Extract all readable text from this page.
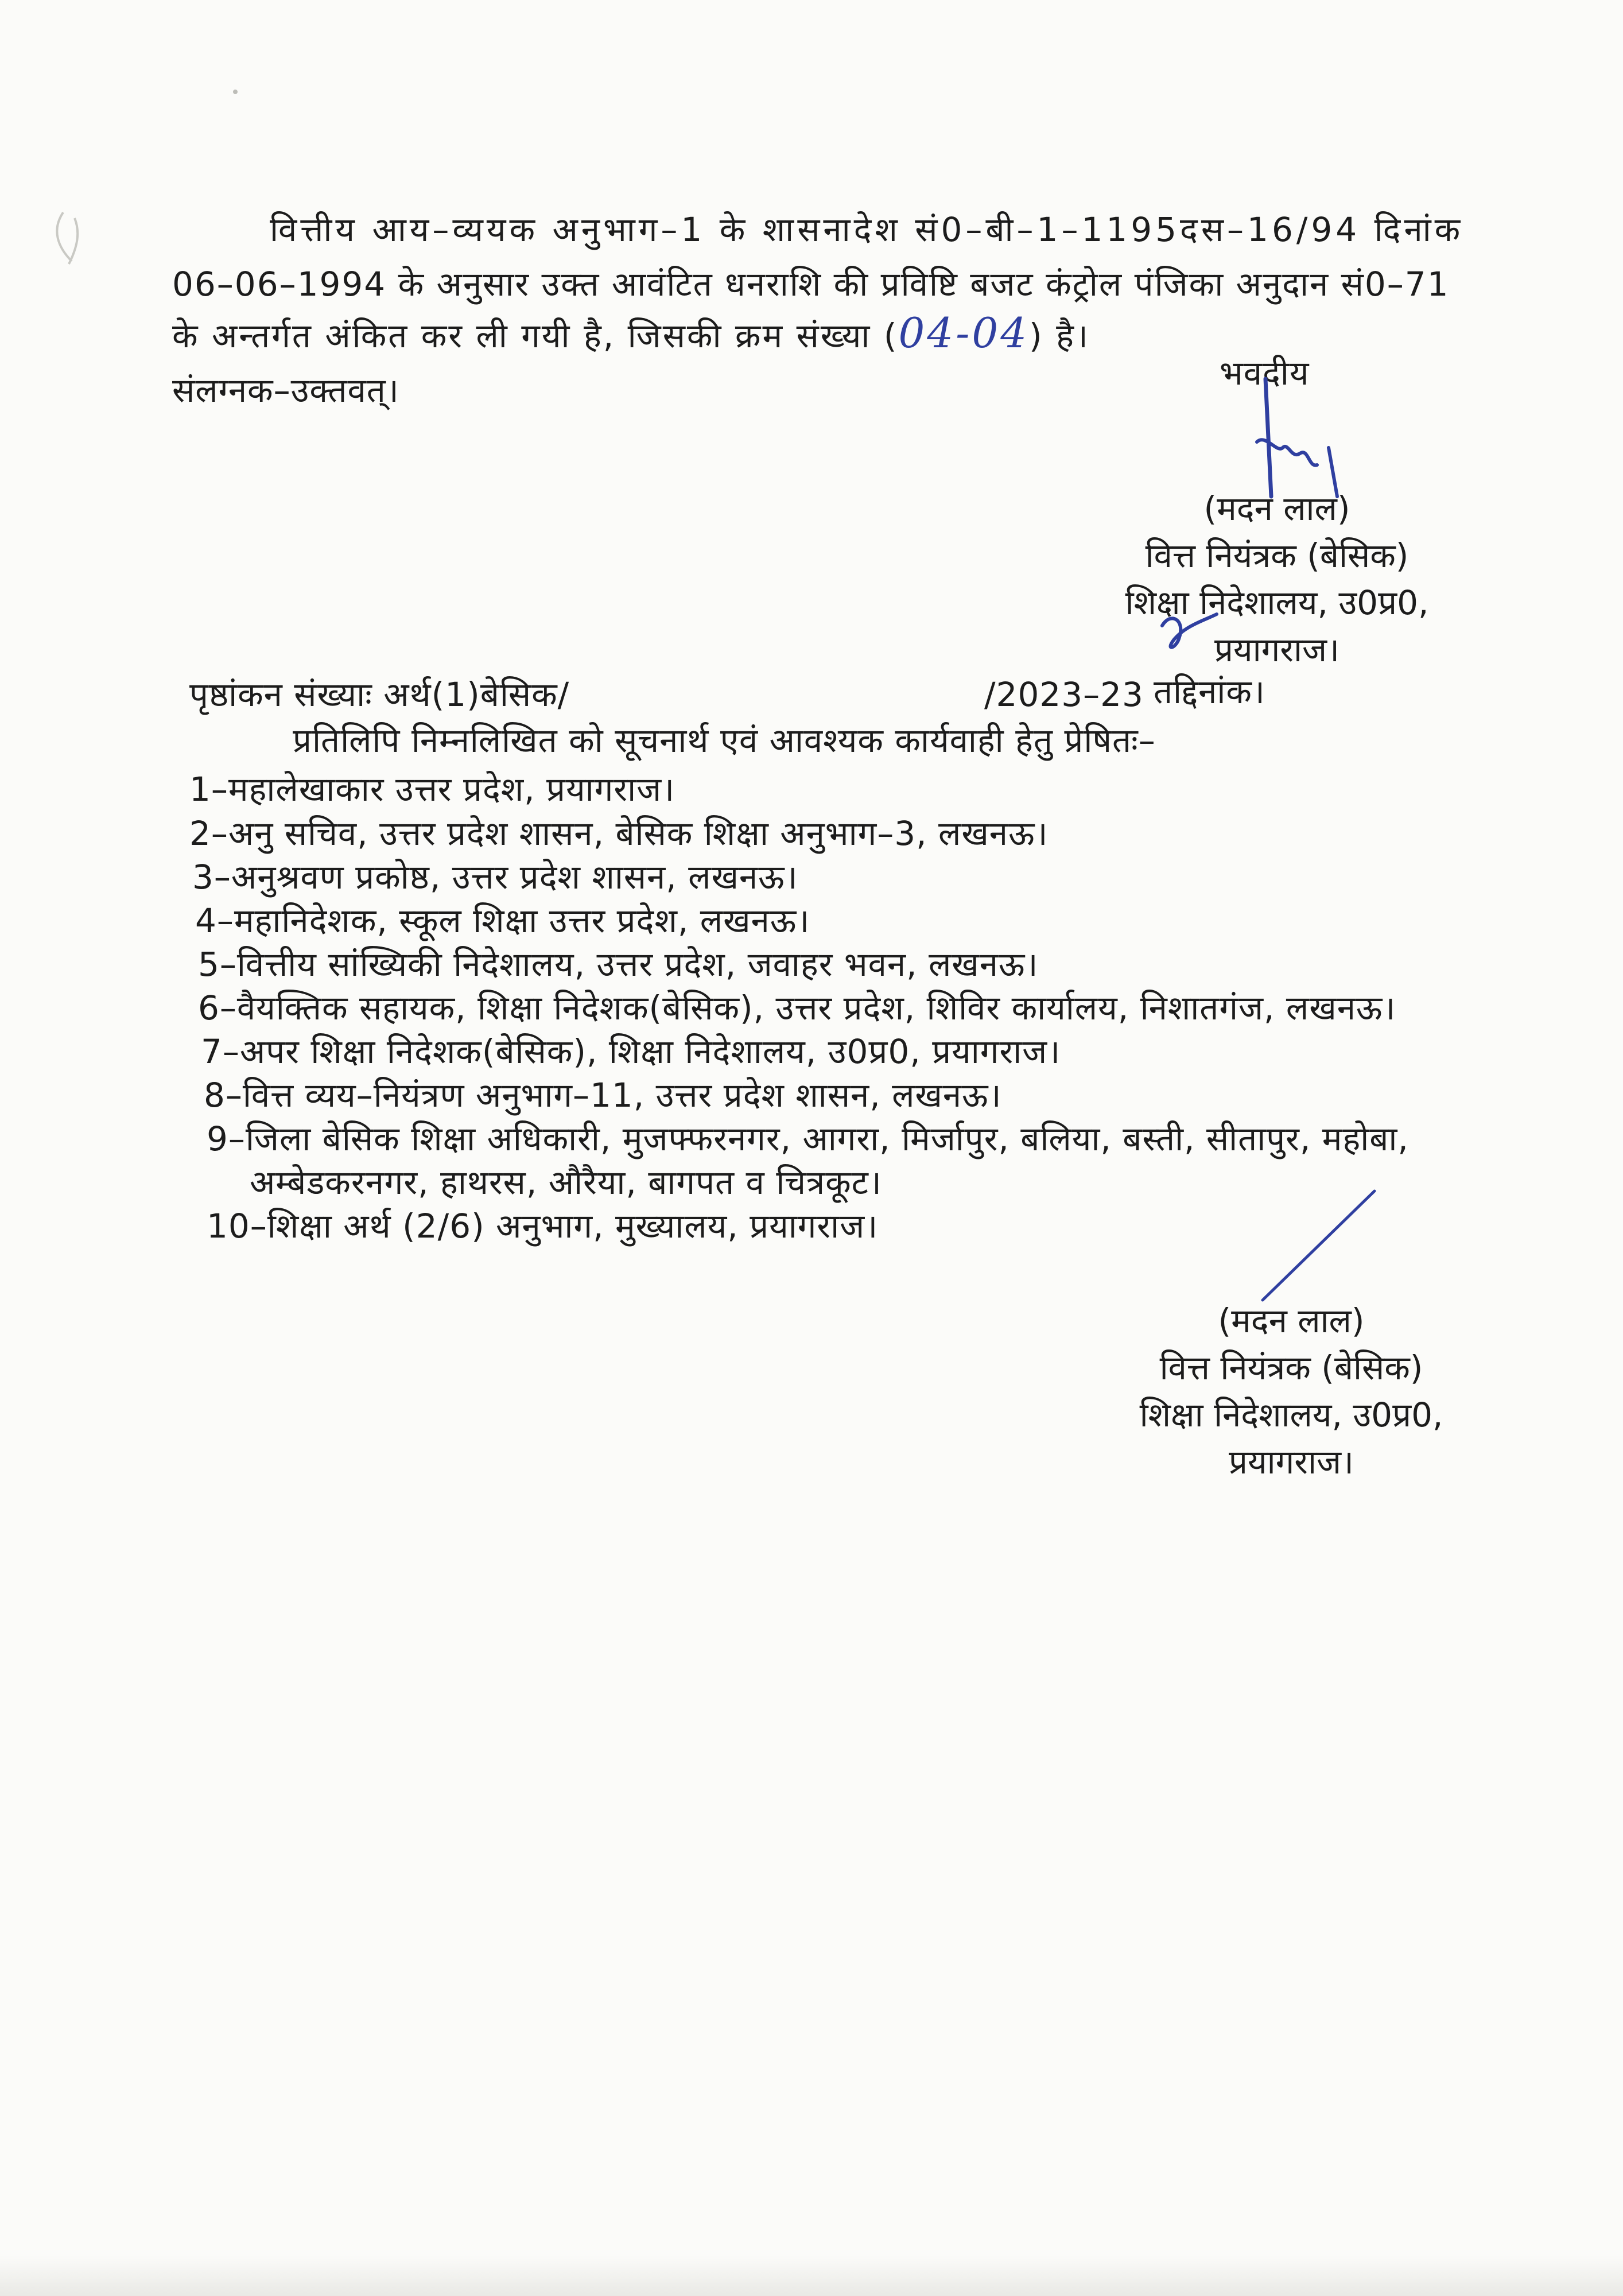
वित्तीय आय–व्ययक अनुभाग–1 के शासनादेश सं0–बी–1–1195दस–16/94 दिनांक
06–06–1994 के अनुसार उक्त आवंटित धनराशि की प्रविष्टि बजट कंट्रोल पंजिका अनुदान सं0–71
के अन्तर्गत अंकित कर ली गयी है, जिसकी क्रम संख्या (04-04) है।
संलग्नक–उक्तवत्।	भवदीय
(मदन लाल)
वित्त नियंत्रक (बेसिक)
शिक्षा निदेशालय, उ0प्र0,
प्रयागराज।
पृष्ठांकन संख्याः अर्थ(1)बेसिक/	/2023–23 तद्दिनांक।
प्रतिलिपि निम्नलिखित को सूचनार्थ एवं आवश्यक कार्यवाही हेतु प्रेषितः–
1–महालेखाकार उत्तर प्रदेश, प्रयागराज।
2–अनु सचिव, उत्तर प्रदेश शासन, बेसिक शिक्षा अनुभाग–3, लखनऊ।
3–अनुश्रवण प्रकोष्ठ, उत्तर प्रदेश शासन, लखनऊ।
4–महानिदेशक, स्कूल शिक्षा उत्तर प्रदेश, लखनऊ।
5–वित्तीय सांख्यिकी निदेशालय, उत्तर प्रदेश, जवाहर भवन, लखनऊ।
6–वैयक्तिक सहायक, शिक्षा निदेशक(बेसिक), उत्तर प्रदेश, शिविर कार्यालय, निशातगंज, लखनऊ।
7–अपर शिक्षा निदेशक(बेसिक), शिक्षा निदेशालय, उ0प्र0, प्रयागराज।
8–वित्त व्यय–नियंत्रण अनुभाग–11, उत्तर प्रदेश शासन, लखनऊ।
9–जिला बेसिक शिक्षा अधिकारी, मुजफ्फरनगर, आगरा, मिर्जापुर, बलिया, बस्ती, सीतापुर, महोबा,
अम्बेडकरनगर, हाथरस, औरैया, बागपत व चित्रकूट।
10–शिक्षा अर्थ (2/6) अनुभाग, मुख्यालय, प्रयागराज।
(मदन लाल)
वित्त नियंत्रक (बेसिक)
शिक्षा निदेशालय, उ0प्र0,
प्रयागराज।
